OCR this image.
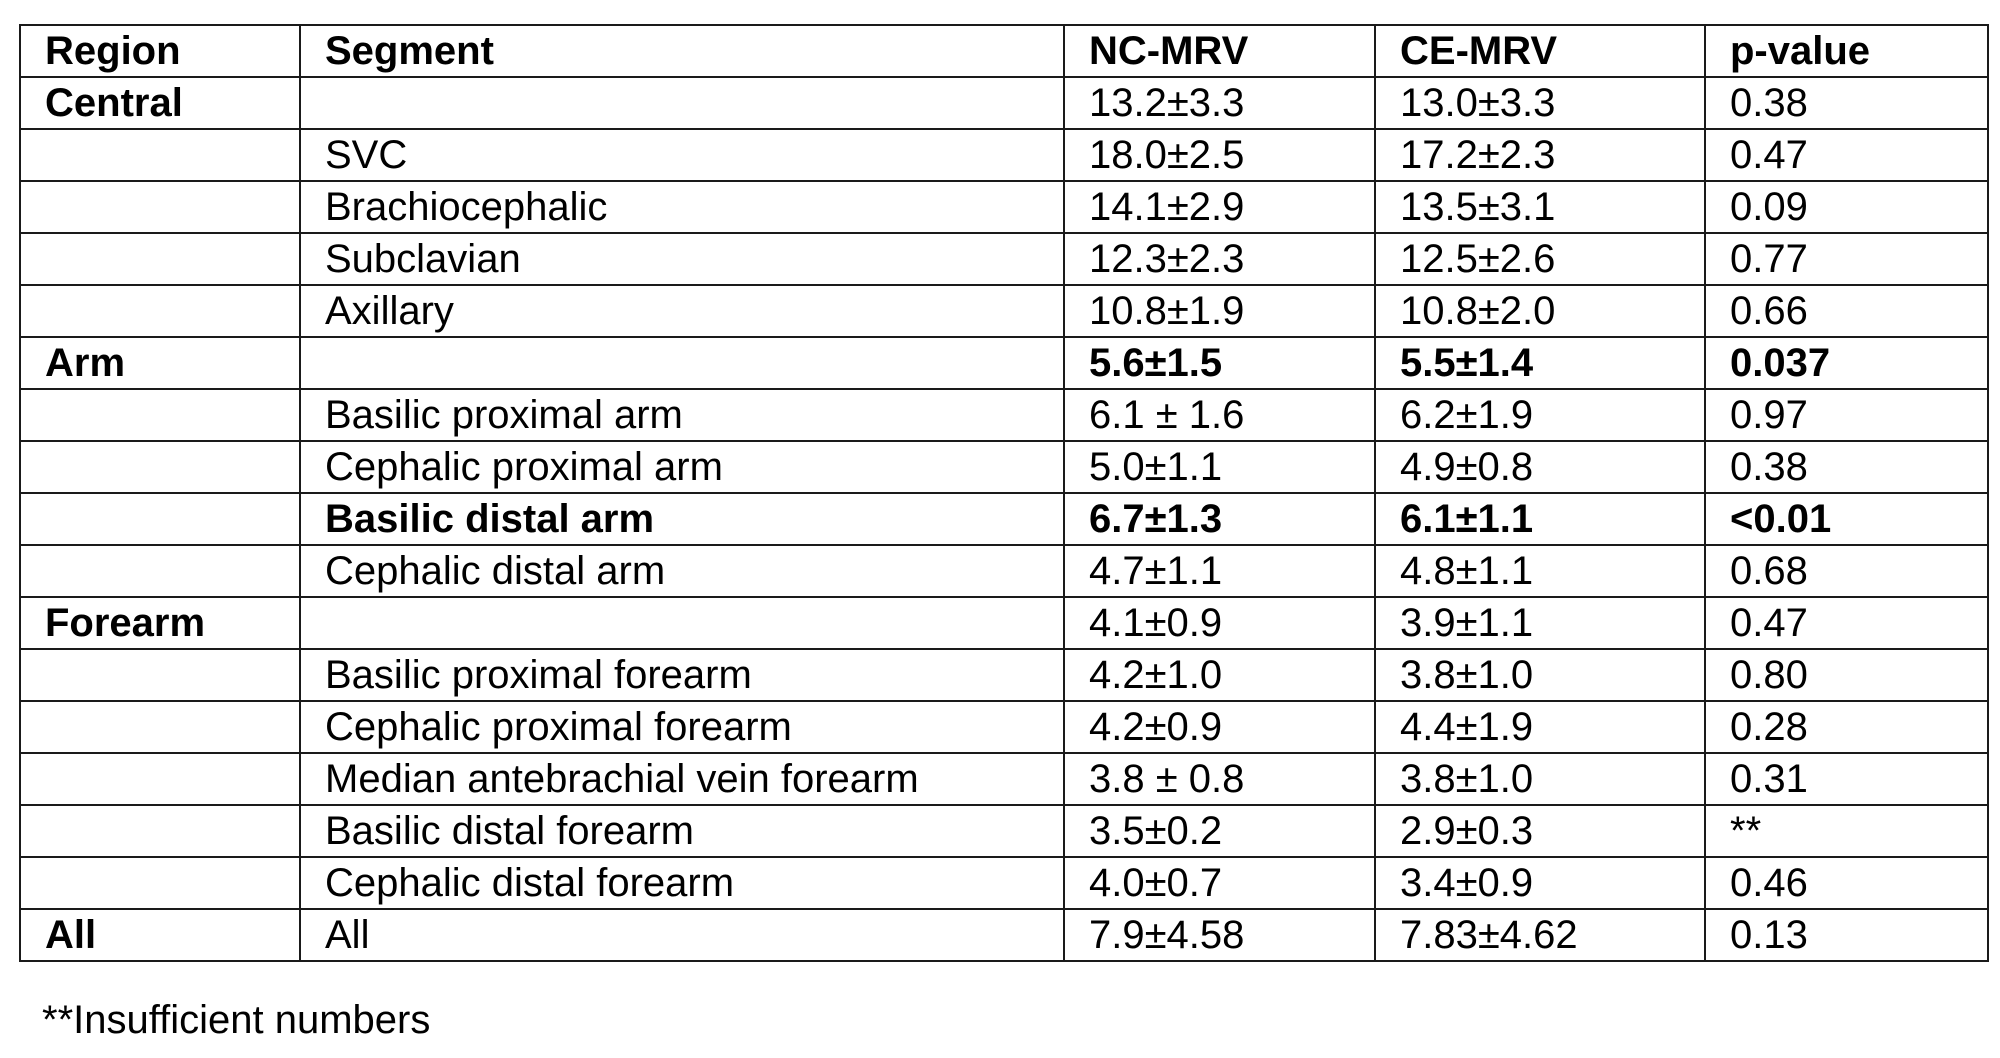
Region	Segment	NC-MRV	CE-MRV	p-value
Central		13.2±3.3	13.0±3.3	0.38
	SVC	18.0±2.5	17.2±2.3	0.47
	Brachiocephalic	14.1±2.9	13.5±3.1	0.09
	Subclavian	12.3±2.3	12.5±2.6	0.77
	Axillary	10.8±1.9	10.8±2.0	0.66
Arm		5.6±1.5	5.5±1.4	0.037
	Basilic proximal arm	6.1 ± 1.6	6.2±1.9	0.97
	Cephalic proximal arm	5.0±1.1	4.9±0.8	0.38
	Basilic distal arm	6.7±1.3	6.1±1.1	<0.01
	Cephalic distal arm	4.7±1.1	4.8±1.1	0.68
Forearm		4.1±0.9	3.9±1.1	0.47
	Basilic proximal forearm	4.2±1.0	3.8±1.0	0.80
	Cephalic proximal forearm	4.2±0.9	4.4±1.9	0.28
	Median antebrachial vein forearm	3.8 ± 0.8	3.8±1.0	0.31
	Basilic distal forearm	3.5±0.2	2.9±0.3	**
	Cephalic distal forearm	4.0±0.7	3.4±0.9	0.46
All	All	7.9±4.58	7.83±4.62	0.13
**Insufficient numbers
